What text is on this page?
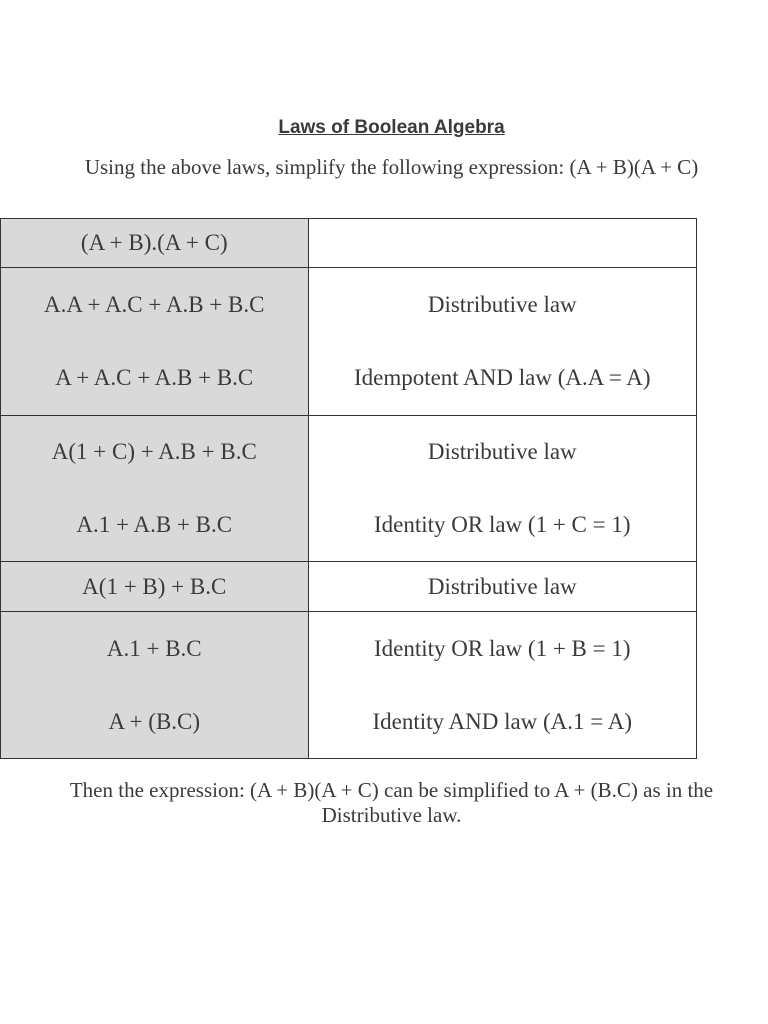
Laws of Boolean Algebra

Using the above laws, simplify the following expression: (A + B)(A + C)

(A + B).(A + C)	
A.A + A.C + A.B + B.C	Distributive law
A + A.C + A.B + B.C	Idempotent AND law (A.A = A)
A(1 + C) + A.B + B.C	Distributive law
A.1 + A.B + B.C	Identity OR law (1 + C = 1)
A(1 + B) + B.C	Distributive law
A.1 + B.C	Identity OR law (1 + B = 1)
A + (B.C)	Identity AND law (A.1 = A)

Then the expression: (A + B)(A + C) can be simplified to A + (B.C) as in the Distributive law.
